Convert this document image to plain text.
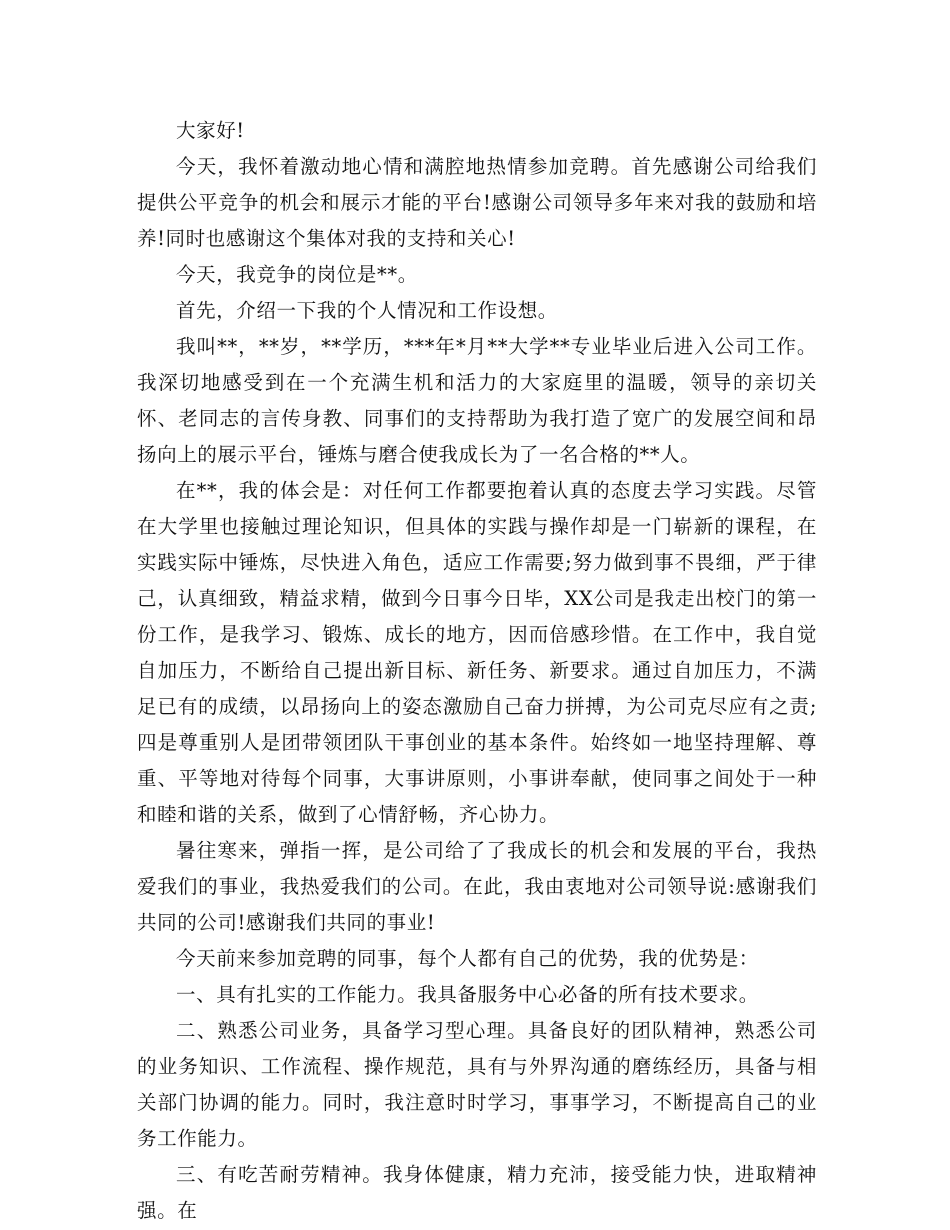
大家好!

今天，我怀着激动地心情和满腔地热情参加竞聘。首先感谢公司给我们提供公平竞争的机会和展示才能的平台!感谢公司领导多年来对我的鼓励和培养!同时也感谢这个集体对我的支持和关心!

今天，我竞争的岗位是**。

首先，介绍一下我的个人情况和工作设想。

我叫**，**岁，**学历，***年*月**大学**专业毕业后进入公司工作。我深切地感受到在一个充满生机和活力的大家庭里的温暖，领导的亲切关怀、老同志的言传身教、同事们的支持帮助为我打造了宽广的发展空间和昂扬向上的展示平台，锤炼与磨合使我成长为了一名合格的**人。

在**，我的体会是：对任何工作都要抱着认真的态度去学习实践。尽管在大学里也接触过理论知识，但具体的实践与操作却是一门崭新的课程，在实践实际中锤炼，尽快进入角色，适应工作需要;努力做到事不畏细，严于律己，认真细致，精益求精，做到今日事今日毕，XX公司是我走出校门的第一份工作，是我学习、锻炼、成长的地方，因而倍感珍惜。在工作中，我自觉自加压力，不断给自己提出新目标、新任务、新要求。通过自加压力，不满足已有的成绩，以昂扬向上的姿态激励自己奋力拼搏，为公司克尽应有之责;四是尊重别人是团带领团队干事创业的基本条件。始终如一地坚持理解、尊重、平等地对待每个同事，大事讲原则，小事讲奉献，使同事之间处于一种和睦和谐的关系，做到了心情舒畅，齐心协力。

暑往寒来，弹指一挥，是公司给了了我成长的机会和发展的平台，我热爱我们的事业，我热爱我们的公司。在此，我由衷地对公司领导说:感谢我们共同的公司!感谢我们共同的事业!

今天前来参加竞聘的同事，每个人都有自己的优势，我的优势是：

一、具有扎实的工作能力。我具备服务中心必备的所有技术要求。

二、熟悉公司业务，具备学习型心理。具备良好的团队精神，熟悉公司的业务知识、工作流程、操作规范，具有与外界沟通的磨练经历，具备与相关部门协调的能力。同时，我注意时时学习，事事学习，不断提高自己的业务工作能力。

三、有吃苦耐劳精神。我身体健康，精力充沛，接受能力快，进取精神强。在
